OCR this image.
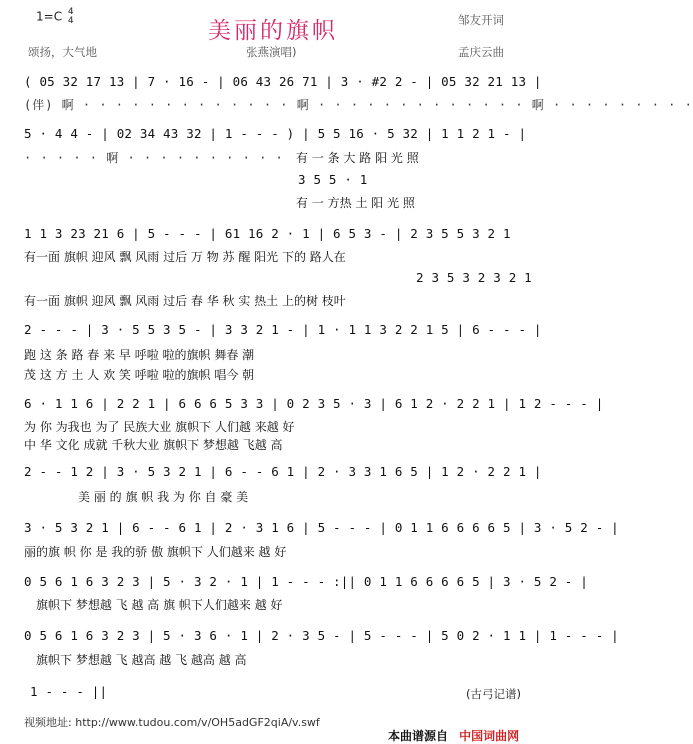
1=C 4
4	美丽的旗帜	邹友开词
颂扬，大气地	张燕演唱)	孟庆云曲
( 05 32 17 13 | 7 · 16 - | 06 43 26 71 | 3 · #2 2 - | 05 32 21 13 |
(伴) 啊 · · · · · · · · · · · · · 啊 · · · · · · · · · · · · · 啊 · · · · · · · · ·
5 · 4 4 - | 02 34 43 32 | 1 - - - ) | 5 5 16 · 5 32 | 1 1 2 1 - |
· · · · · 啊 · · · · · · · · · · 有 一 条 大 路 阳 光 照
3 5 5 · 1
有 一 方热 土 阳 光 照
1 1 3 23 21 6 | 5 - - - | 61 16 2 · 1 | 6 5 3 - | 2 3 5 5 3 2 1
有一面 旗帜 迎风 飘 风雨 过后 万 物 苏 醒 阳光 下的 路人在
2 3 5 3 2 3 2 1
有一面 旗帜 迎风 飘 风雨 过后 春 华 秋 实 热土 上的树 枝叶
2 - - - | 3 · 5 5 3 5 - | 3 3 2 1 - | 1 · 1 1 3 2 2 1 5 | 6 - - - |
跑 这 条 路 春 来 早 呼啦 啦的旗帜 舞春 潮
茂 这 方 土 人 欢 笑 呼啦 啦的旗帜 唱今 朝
6 · 1 1 6 | 2 2 1 | 6 6 6 5 3 3 | 0 2 3 5 · 3 | 6 1 2 · 2 2 1 | 1 2 - - - |
为 你 为我也 为了 民族大业 旗帜下 人们越 来越 好
中 华 文化 成就 千秋大业 旗帜下 梦想越 飞越 高
2 - - 1 2 | 3 · 5 3 2 1 | 6 - - 6 1 | 2 · 3 3 1 6 5 | 1 2 · 2 2 1 |
美 丽 的 旗 帜 我 为 你 自 豪 美
3 · 5 3 2 1 | 6 - - 6 1 | 2 · 3 1 6 | 5 - - - | 0 1 1 6 6 6 6 5 | 3 · 5 2 - |
丽的旗 帜 你 是 我的骄 傲 旗帜下 人们越来 越 好
0 5 6 1 6 3 2 3 | 5 · 3 2 · 1 | 1 - - - :|| 0 1 1 6 6 6 6 5 | 3 · 5 2 - |
旗帜下 梦想越 飞 越 高 旗 帜下人们越来 越 好
0 5 6 1 6 3 2 3 | 5 · 3 6 · 1 | 2 · 3 5 - | 5 - - - | 5 0 2 · 1 1 | 1 - - - |
旗帜下 梦想越 飞 越高 越 飞 越高 越 高
1 - - - ||	(古弓记谱)
视频地址: http://www.tudou.com/v/OH5adGF2qiA/v.swf
本曲谱源自 中国词曲网
